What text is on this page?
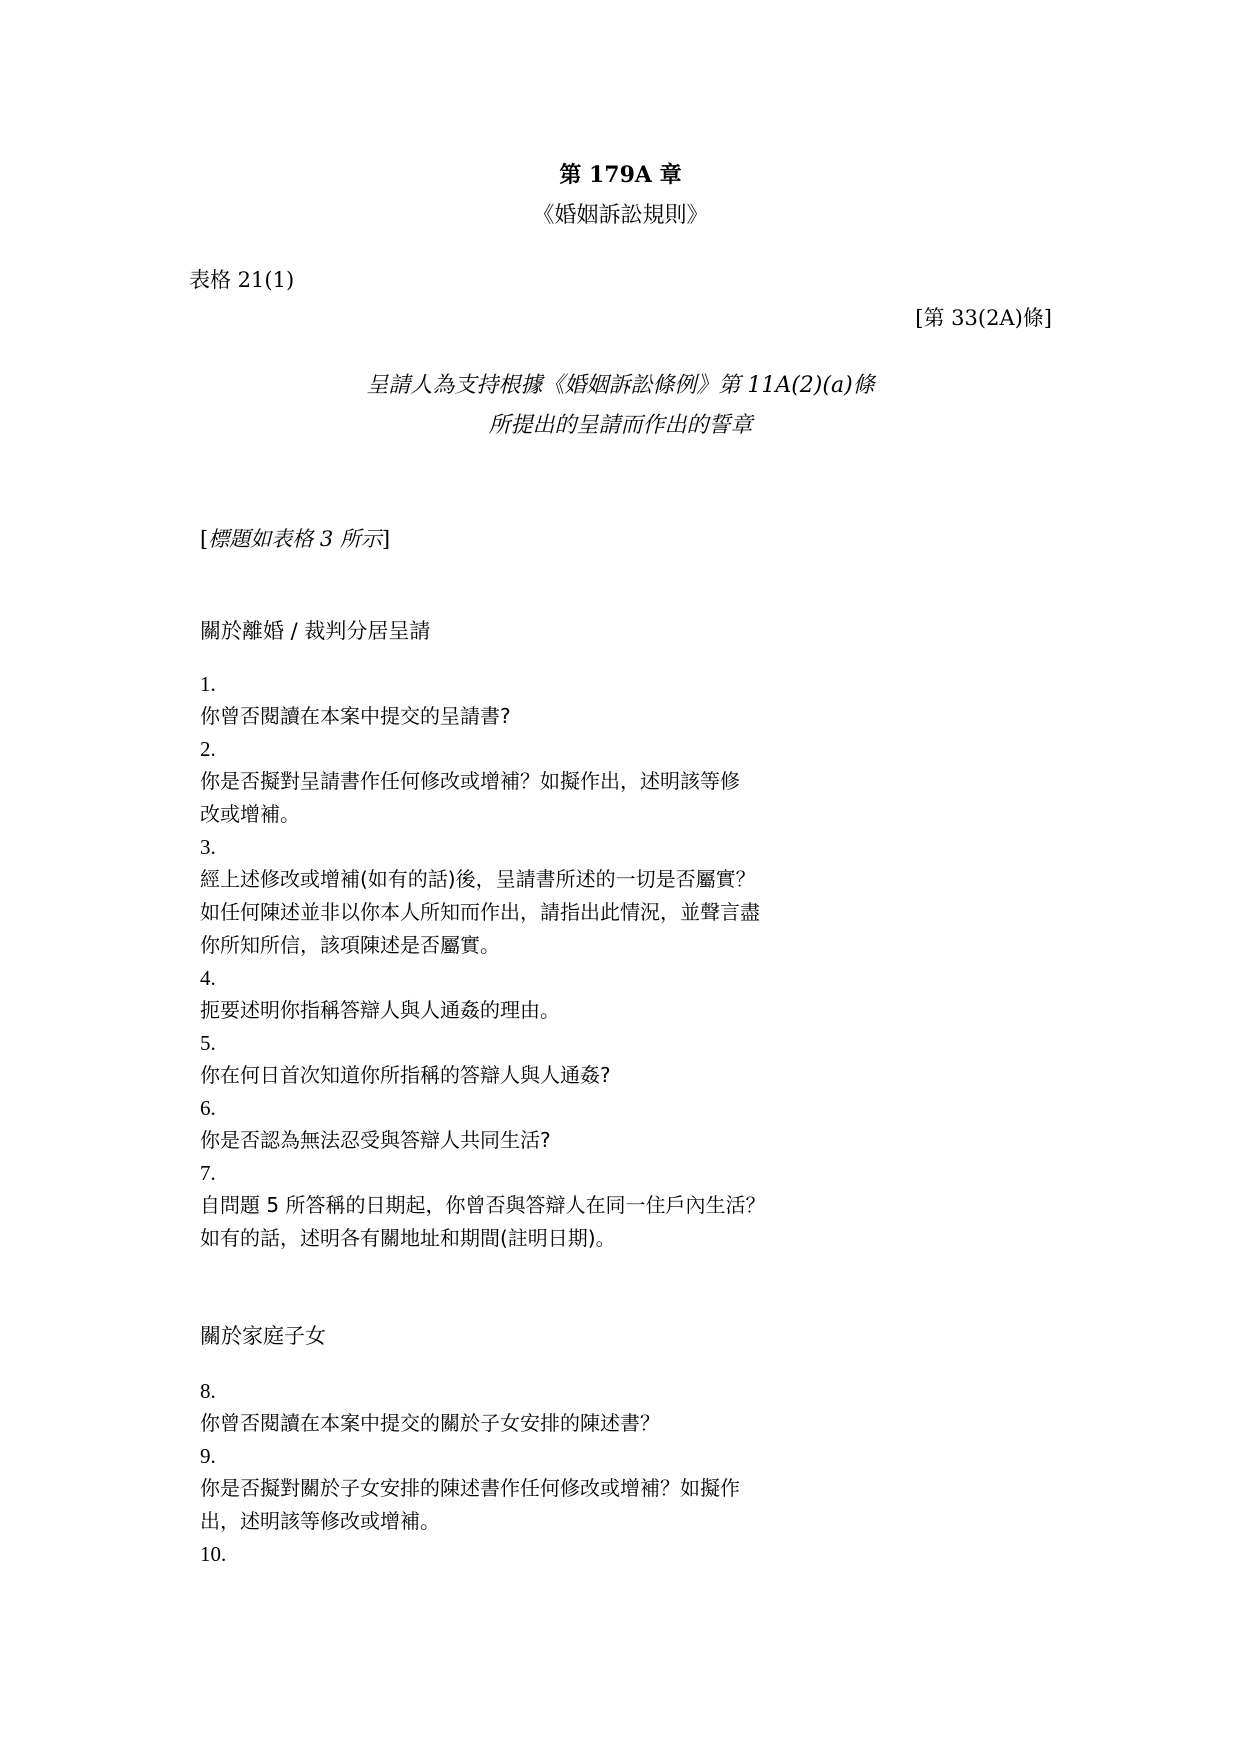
第 179A 章
《婚姻訴訟規則》
表格 21(1)
[第 33(2A)條]
呈請人為支持根據《婚姻訴訟條例》第 11A(2)(a)條
所提出的呈請而作出的誓章
[標題如表格 3 所示]
關於離婚 / 裁判分居呈請
1.
你曾否閱讀在本案中提交的呈請書?
2.
你是否擬對呈請書作任何修改或增補？如擬作出，述明該等修改或增補。
3.
經上述修改或增補(如有的話)後，呈請書所述的一切是否屬實？如任何陳述並非以你本人所知而作出，請指出此情況，並聲言盡你所知所信，該項陳述是否屬實。
4.
扼要述明你指稱答辯人與人通姦的理由。
5.
你在何日首次知道你所指稱的答辯人與人通姦?
6.
你是否認為無法忍受與答辯人共同生活?
7.
自問題 5 所答稱的日期起，你曾否與答辯人在同一住戶內生活？如有的話，述明各有關地址和期間(註明日期)。
關於家庭子女
8.
你曾否閱讀在本案中提交的關於子女安排的陳述書？
9.
你是否擬對關於子女安排的陳述書作任何修改或增補？如擬作出，述明該等修改或增補。
10.
